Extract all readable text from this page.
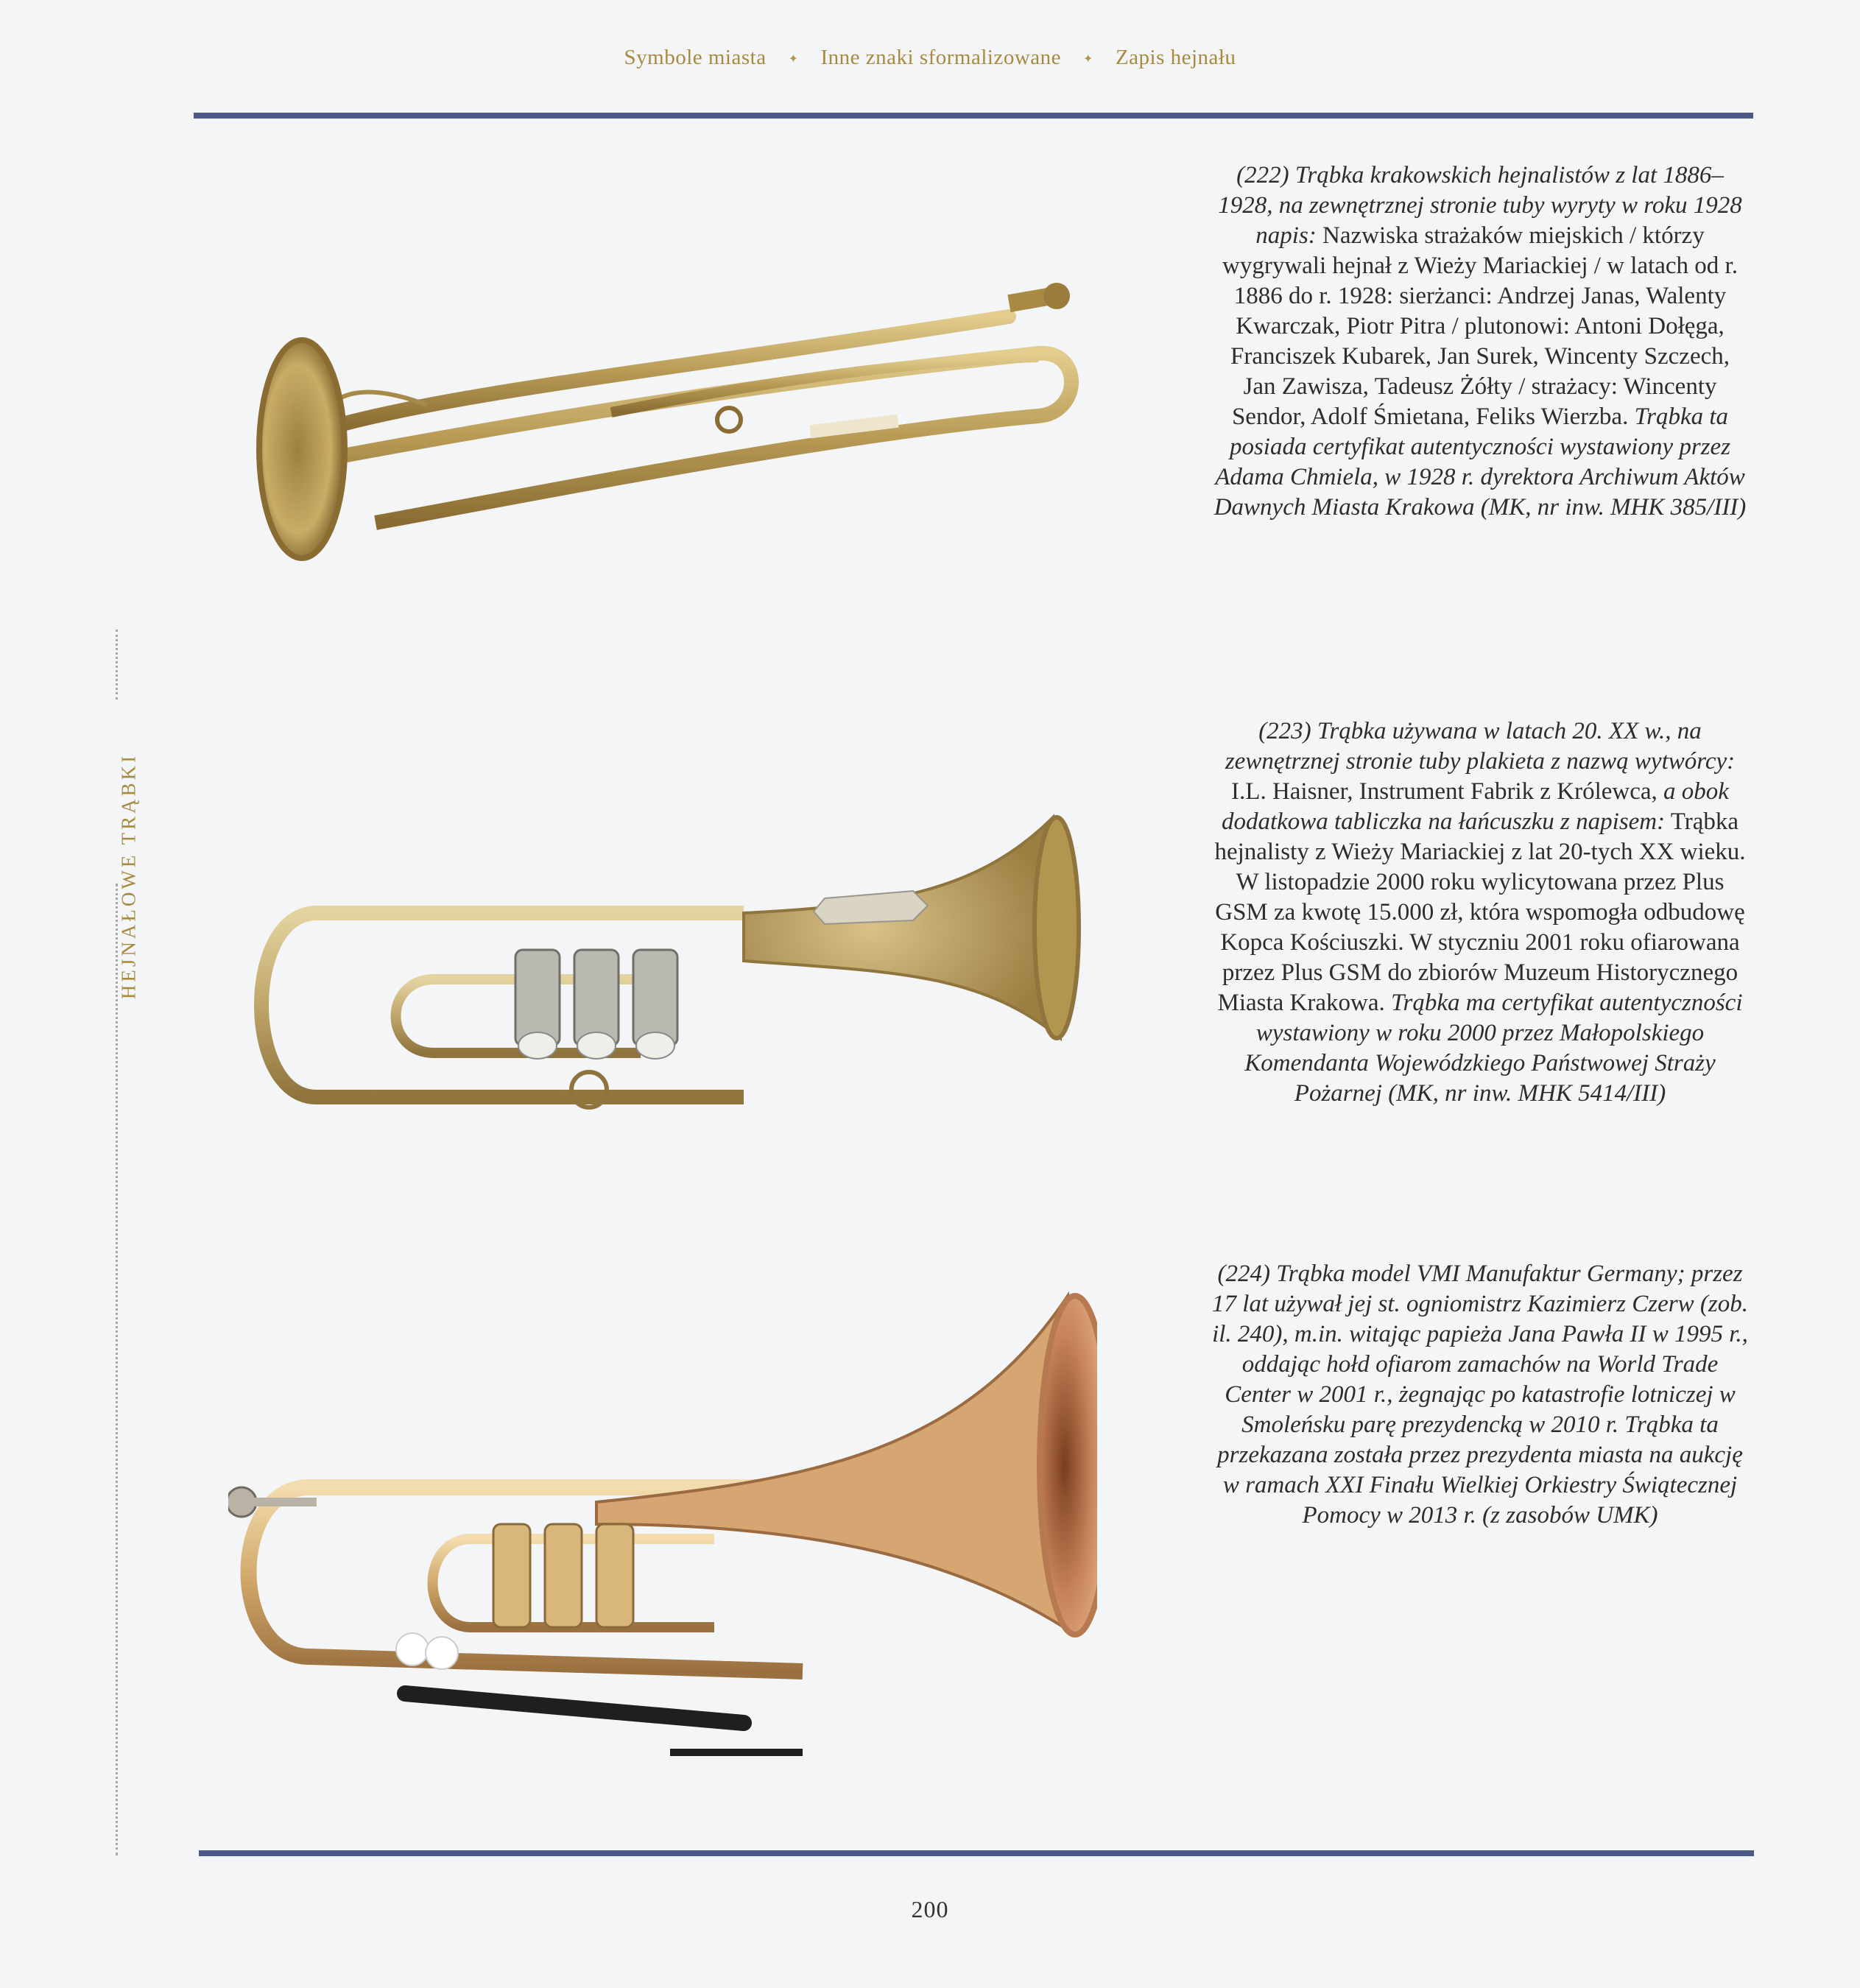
Symbole miasta ✦ Inne znaki sformalizowane ✦ Zapis hejnału
HEJNAŁOWE TRĄBKI
(222) Trąbka krakowskich hejnalistów z lat 1886–1928, na zewnętrznej stronie tuby wyryty w roku 1928 napis: Nazwiska strażaków miejskich / którzy wygrywali hejnał z Wieży Mariackiej / w latach od r. 1886 do r. 1928: sierżanci: Andrzej Janas, Walenty Kwarczak, Piotr Pitra / plutonowi: Antoni Dołęga, Franciszek Kubarek, Jan Surek, Wincenty Szczech, Jan Zawisza, Tadeusz Żółty / strażacy: Wincenty Sendor, Adolf Śmietana, Feliks Wierzba. Trąbka ta posiada certyfikat autentyczności wystawiony przez Adama Chmiela, w 1928 r. dyrektora Archiwum Aktów Dawnych Miasta Krakowa (MK, nr inw. MHK 385/III)
(223) Trąbka używana w latach 20. XX w., na zewnętrznej stronie tuby plakieta z nazwą wytwórcy: I.L. Haisner, Instrument Fabrik z Królewca, a obok dodatkowa tabliczka na łańcuszku z napisem: Trąbka hejnalisty z Wieży Mariackiej z lat 20-tych XX wieku. W listopadzie 2000 roku wylicytowana przez Plus GSM za kwotę 15.000 zł, która wspomogła odbudowę Kopca Kościuszki. W styczniu 2001 roku ofiarowana przez Plus GSM do zbiorów Muzeum Historycznego Miasta Krakowa. Trąbka ma certyfikat autentyczności wystawiony w roku 2000 przez Małopolskiego Komendanta Wojewódzkiego Państwowej Straży Pożarnej (MK, nr inw. MHK 5414/III)
(224) Trąbka model VMI Manufaktur Germany; przez 17 lat używał jej st. ogniomistrz Kazimierz Czerw (zob. il. 240), m.in. witając papieża Jana Pawła II w 1995 r., oddając hołd ofiarom zamachów na World Trade Center w 2001 r., żegnając po katastrofie lotniczej w Smoleńsku parę prezydencką w 2010 r. Trąbka ta przekazana została przez prezydenta miasta na aukcję w ramach XXI Finału Wielkiej Orkiestry Świątecznej Pomocy w 2013 r. (z zasobów UMK)
200
